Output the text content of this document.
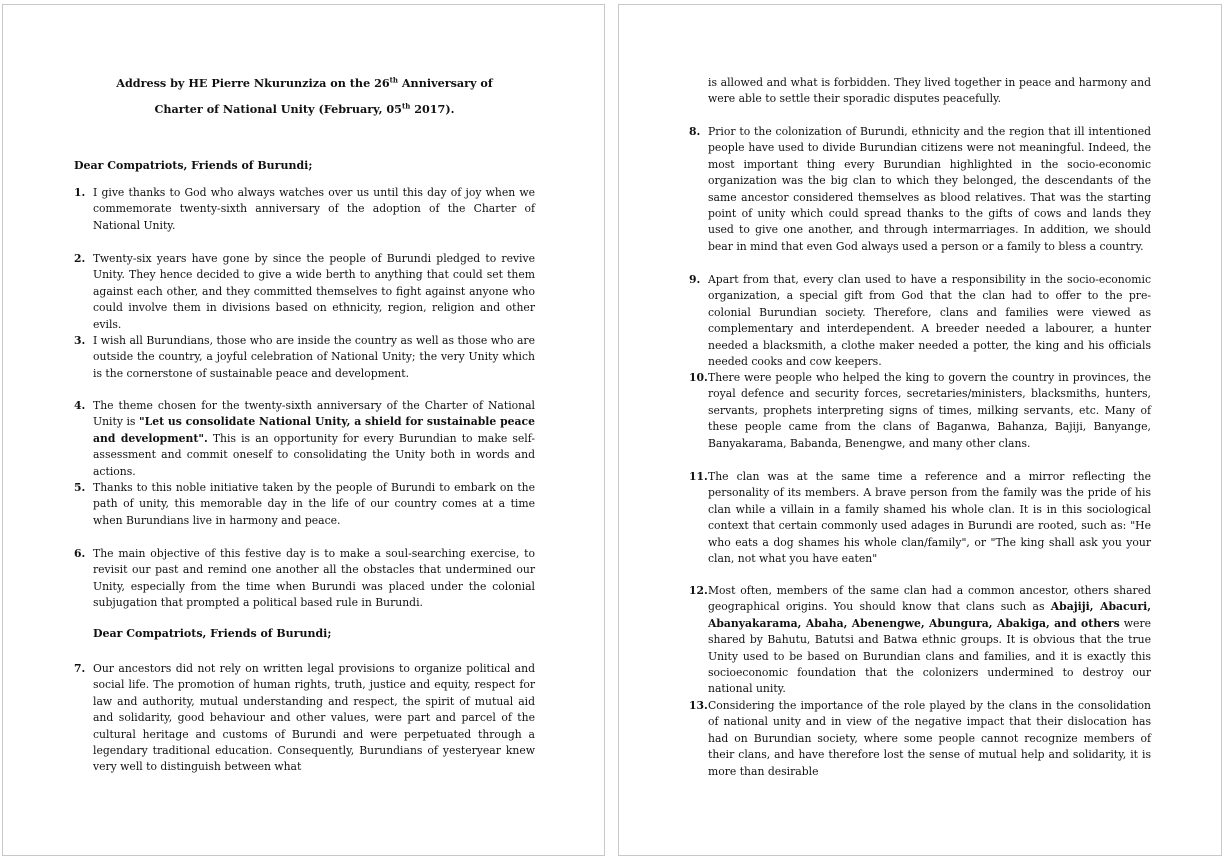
Address by HE Pierre Nkurunziza on the 26th Anniversary of

Charter of National Unity (February, 05th 2017).

Dear Compatriots, Friends of Burundi;

1. I give thanks to God who always watches over us until this day of joy when we commemorate twenty-sixth anniversary of the adoption of the Charter of National Unity.

2. Twenty-six years have gone by since the people of Burundi pledged to revive Unity. They hence decided to give a wide berth to anything that could set them against each other, and they committed themselves to fight against anyone who could involve them in divisions based on ethnicity, region, religion and other evils.

3. I wish all Burundians, those who are inside the country as well as those who are outside the country, a joyful celebration of National Unity; the very Unity which is the cornerstone of sustainable peace and development.

4. The theme chosen for the twenty-sixth anniversary of the Charter of National Unity is "Let us consolidate National Unity, a shield for sustainable peace and development". This is an opportunity for every Burundian to make self-assessment and commit oneself to consolidating the Unity both in words and actions.

5. Thanks to this noble initiative taken by the people of Burundi to embark on the path of unity, this memorable day in the life of our country comes at a time when Burundians live in harmony and peace.

6. The main objective of this festive day is to make a soul-searching exercise, to revisit our past and remind one another all the obstacles that undermined our Unity, especially from the time when Burundi was placed under the colonial subjugation that prompted a political based rule in Burundi.

Dear Compatriots, Friends of Burundi;

7. Our ancestors did not rely on written legal provisions to organize political and social life. The promotion of human rights, truth, justice and equity, respect for law and authority, mutual understanding and respect, the spirit of mutual aid and solidarity, good behaviour and other values, were part and parcel of the cultural heritage and customs of Burundi and were perpetuated through a legendary traditional education. Consequently, Burundians of yesteryear knew very well to distinguish between what

is allowed and what is forbidden. They lived together in peace and harmony and were able to settle their sporadic disputes peacefully.

8. Prior to the colonization of Burundi, ethnicity and the region that ill intentioned people have used to divide Burundian citizens were not meaningful. Indeed, the most important thing every Burundian highlighted in the socio-economic organization was the big clan to which they belonged, the descendants of the same ancestor considered themselves as blood relatives. That was the starting point of unity which could spread thanks to the gifts of cows and lands they used to give one another, and through intermarriages. In addition, we should bear in mind that even God always used a person or a family to bless a country.

9. Apart from that, every clan used to have a responsibility in the socio-economic organization, a special gift from God that the clan had to offer to the pre-colonial Burundian society. Therefore, clans and families were viewed as complementary and interdependent. A breeder needed a labourer, a hunter needed a blacksmith, a clothe maker needed a potter, the king and his officials needed cooks and cow keepers.

10. There were people who helped the king to govern the country in provinces, the royal defence and security forces, secretaries/ministers, blacksmiths, hunters, servants, prophets interpreting signs of times, milking servants, etc. Many of these people came from the clans of Baganwa, Bahanza, Bajiji, Banyange, Banyakarama, Babanda, Benengwe, and many other clans.

11. The clan was at the same time a reference and a mirror reflecting the personality of its members. A brave person from the family was the pride of his clan while a villain in a family shamed his whole clan. It is in this sociological context that certain commonly used adages in Burundi are rooted, such as: "He who eats a dog shames his whole clan/family", or "The king shall ask you your clan, not what you have eaten"

12. Most often, members of the same clan had a common ancestor, others shared geographical origins. You should know that clans such as Abajiji, Abacuri, Abanyakarama, Abaha, Abenengwe, Abungura, Abakiga, and others were shared by Bahutu, Batutsi and Batwa ethnic groups. It is obvious that the true Unity used to be based on Burundian clans and families, and it is exactly this socioeconomic foundation that the colonizers undermined to destroy our national unity.

13. Considering the importance of the role played by the clans in the consolidation of national unity and in view of the negative impact that their dislocation has had on Burundian society, where some people cannot recognize members of their clans, and have therefore lost the sense of mutual help and solidarity, it is more than desirable
